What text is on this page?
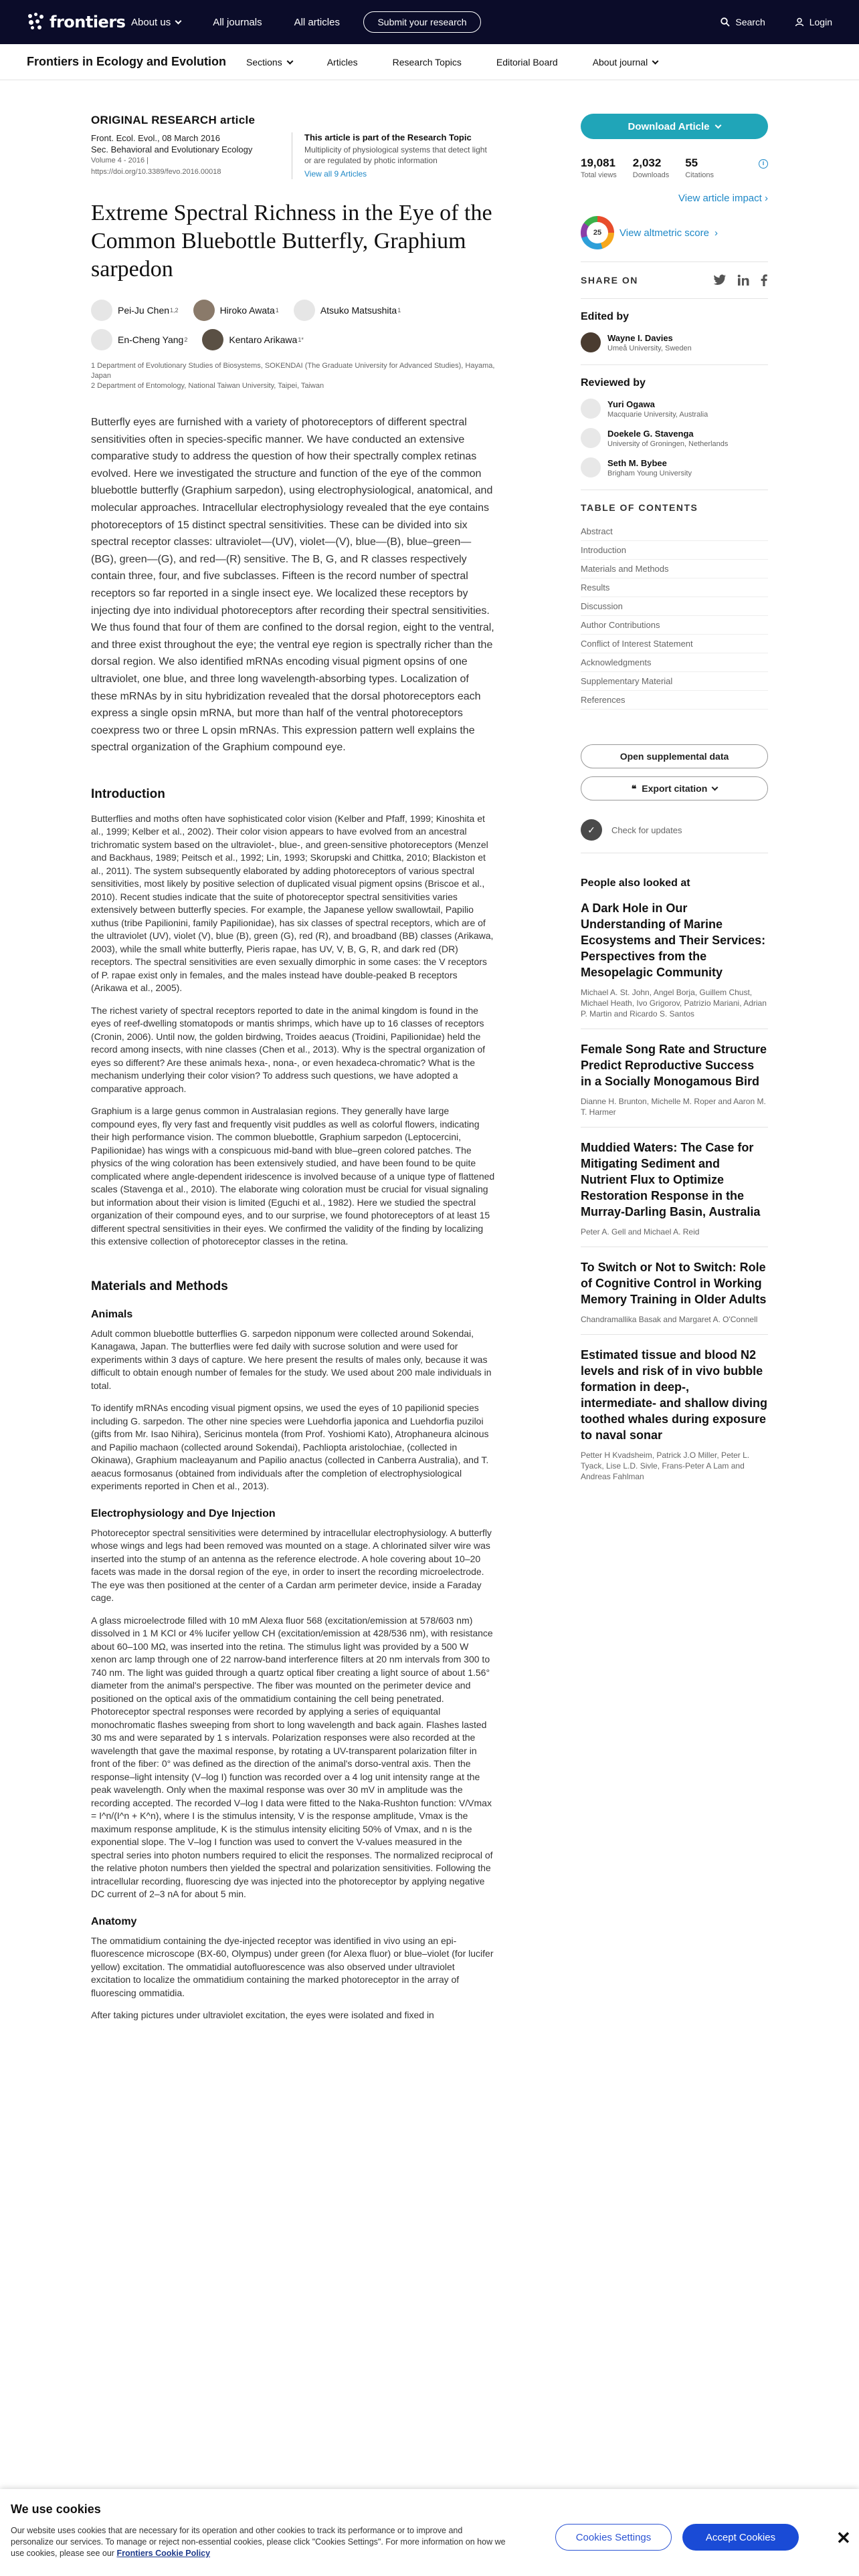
frontiers About us	All journals	All articles	Submit your research	Search	Login
Frontiers in Ecology and Evolution Sections	Articles	Research Topics	Editorial Board	About journal
ORIGINAL RESEARCH article
Front. Ecol. Evol., 08 March 2016
Sec. Behavioral and Evolutionary Ecology
Volume 4 - 2016 |
https://doi.org/10.3389/fevo.2016.00018
This article is part of the Research Topic
Multiplicity of physiological systems that detect light or are regulated by photic information
View all 9 Articles
Extreme Spectral Richness in the Eye of the Common Bluebottle Butterfly, Graphium sarpedon
Pei-Ju Chen 1,2	Hiroko Awata 1	Atsuko Matsushita 1
En-Cheng Yang 2	Kentaro Arikawa 1*
1 Department of Evolutionary Studies of Biosystems, SOKENDAI (The Graduate University for Advanced Studies), Hayama, Japan
2 Department of Entomology, National Taiwan University, Taipei, Taiwan
Butterfly eyes are furnished with a variety of photoreceptors of different spectral sensitivities often in species-specific manner. We have conducted an extensive comparative study to address the question of how their spectrally complex retinas evolved. Here we investigated the structure and function of the eye of the common bluebottle butterfly (Graphium sarpedon), using electrophysiological, anatomical, and molecular approaches. Intracellular electrophysiology revealed that the eye contains photoreceptors of 15 distinct spectral sensitivities. These can be divided into six spectral receptor classes: ultraviolet—(UV), violet—(V), blue—(B), blue–green—(BG), green—(G), and red—(R) sensitive. The B, G, and R classes respectively contain three, four, and five subclasses. Fifteen is the record number of spectral receptors so far reported in a single insect eye. We localized these receptors by injecting dye into individual photoreceptors after recording their spectral sensitivities. We thus found that four of them are confined to the dorsal region, eight to the ventral, and three exist throughout the eye; the ventral eye region is spectrally richer than the dorsal region. We also identified mRNAs encoding visual pigment opsins of one ultraviolet, one blue, and three long wavelength-absorbing types. Localization of these mRNAs by in situ hybridization revealed that the dorsal photoreceptors each express a single opsin mRNA, but more than half of the ventral photoreceptors coexpress two or three L opsin mRNAs. This expression pattern well explains the spectral organization of the Graphium compound eye.
Introduction
Butterflies and moths often have sophisticated color vision (Kelber and Pfaff, 1999; Kinoshita et al., 1999; Kelber et al., 2002). Their color vision appears to have evolved from an ancestral trichromatic system based on the ultraviolet-, blue-, and green-sensitive photoreceptors (Menzel and Backhaus, 1989; Peitsch et al., 1992; Lin, 1993; Skorupski and Chittka, 2010; Blackiston et al., 2011). The system subsequently elaborated by adding photoreceptors of various spectral sensitivities, most likely by positive selection of duplicated visual pigment opsins (Briscoe et al., 2010). Recent studies indicate that the suite of photoreceptor spectral sensitivities varies extensively between butterfly species. For example, the Japanese yellow swallowtail, Papilio xuthus (tribe Papilionini, family Papilionidae), has six classes of spectral receptors, which are of the ultraviolet (UV), violet (V), blue (B), green (G), red (R), and broadband (BB) classes (Arikawa, 2003), while the small white butterfly, Pieris rapae, has UV, V, B, G, R, and dark red (DR) receptors. The spectral sensitivities are even sexually dimorphic in some cases: the V receptors of P. rapae exist only in females, and the males instead have double-peaked B receptors (Arikawa et al., 2005).
The richest variety of spectral receptors reported to date in the animal kingdom is found in the eyes of reef-dwelling stomatopods or mantis shrimps, which have up to 16 classes of receptors (Cronin, 2006). Until now, the golden birdwing, Troides aeacus (Troidini, Papilionidae) held the record among insects, with nine classes (Chen et al., 2013). Why is the spectral organization of eyes so different? Are these animals hexa-, nona-, or even hexadeca-chromatic? What is the mechanism underlying their color vision? To address such questions, we have adopted a comparative approach.
Graphium is a large genus common in Australasian regions. They generally have large compound eyes, fly very fast and frequently visit puddles as well as colorful flowers, indicating their high performance vision. The common bluebottle, Graphium sarpedon (Leptocercini, Papilionidae) has wings with a conspicuous mid-band with blue–green colored patches. The physics of the wing coloration has been extensively studied, and have been found to be quite complicated where angle-dependent iridescence is involved because of a unique type of flattened scales (Stavenga et al., 2010). The elaborate wing coloration must be crucial for visual signaling but information about their vision is limited (Eguchi et al., 1982). Here we studied the spectral organization of their compound eyes, and to our surprise, we found photoreceptors of at least 15 different spectral sensitivities in their eyes. We confirmed the validity of the finding by localizing this extensive collection of photoreceptor classes in the retina.
Materials and Methods
Animals
Adult common bluebottle butterflies G. sarpedon nipponum were collected around Sokendai, Kanagawa, Japan. The butterflies were fed daily with sucrose solution and were used for experiments within 3 days of capture. We here present the results of males only, because it was difficult to obtain enough number of females for the study. We used about 200 male individuals in total.
To identify mRNAs encoding visual pigment opsins, we used the eyes of 10 papilionid species including G. sarpedon. The other nine species were Luehdorfia japonica and Luehdorfia puziloi (gifts from Mr. Isao Nihira), Sericinus montela (from Prof. Yoshiomi Kato), Atrophaneura alcinous and Papilio machaon (collected around Sokendai), Pachliopta aristolochiae, (collected in Okinawa), Graphium macleayanum and Papilio anactus (collected in Canberra Australia), and T. aeacus formosanus (obtained from individuals after the completion of electrophysiological experiments reported in Chen et al., 2013).
Electrophysiology and Dye Injection
Photoreceptor spectral sensitivities were determined by intracellular electrophysiology. A butterfly whose wings and legs had been removed was mounted on a stage. A chlorinated silver wire was inserted into the stump of an antenna as the reference electrode. A hole covering about 10–20 facets was made in the dorsal region of the eye, in order to insert the recording microelectrode. The eye was then positioned at the center of a Cardan arm perimeter device, inside a Faraday cage.
A glass microelectrode filled with 10 mM Alexa fluor 568 (excitation/emission at 578/603 nm) dissolved in 1 M KCl or 4% lucifer yellow CH (excitation/emission at 428/536 nm), with resistance about 60–100 MΩ, was inserted into the retina. The stimulus light was provided by a 500 W xenon arc lamp through one of 22 narrow-band interference filters at 20 nm intervals from 300 to 740 nm. The light was guided through a quartz optical fiber creating a light source of about 1.56° diameter from the animal's perspective. The fiber was mounted on the perimeter device and positioned on the optical axis of the ommatidium containing the cell being penetrated. Photoreceptor spectral responses were recorded by applying a series of equiquantal monochromatic flashes sweeping from short to long wavelength and back again. Flashes lasted 30 ms and were separated by 1 s intervals. Polarization responses were also recorded at the wavelength that gave the maximal response, by rotating a UV-transparent polarization filter in front of the fiber: 0° was defined as the direction of the animal's dorso-ventral axis. Then the response–light intensity (V–log I) function was recorded over a 4 log unit intensity range at the peak wavelength. Only when the maximal response was over 30 mV in amplitude was the recording accepted. The recorded V–log I data were fitted to the Naka-Rushton function: V/Vmax = I^n/(I^n + K^n), where I is the stimulus intensity, V is the response amplitude, Vmax is the maximum response amplitude, K is the stimulus intensity eliciting 50% of Vmax, and n is the exponential slope. The V–log I function was used to convert the V-values measured in the spectral series into photon numbers required to elicit the responses. The normalized reciprocal of the relative photon numbers then yielded the spectral and polarization sensitivities. Following the intracellular recording, fluorescing dye was injected into the photoreceptor by applying negative DC current of 2–3 nA for about 5 min.
Anatomy
The ommatidium containing the dye-injected receptor was identified in vivo using an epi-fluorescence microscope (BX-60, Olympus) under green (for Alexa fluor) or blue–violet (for lucifer yellow) excitation. The ommatidial autofluorescence was also observed under ultraviolet excitation to localize the ommatidium containing the marked photoreceptor in the array of fluorescing ommatidia.
After taking pictures under ultraviolet excitation, the eyes were isolated and fixed in
Download Article
19,081
Total views
2,032
Downloads
55
Citations
i
View article impact ›
25	View altmetric score ›
SHARE ON
Edited by
Wayne I. Davies
Umeå University, Sweden
Reviewed by
Yuri Ogawa
Macquarie University, Australia
Doekele G. Stavenga
University of Groningen, Netherlands
Seth M. Bybee
Brigham Young University
TABLE OF CONTENTS
Abstract
Introduction
Materials and Methods
Results
Discussion
Author Contributions
Conflict of Interest Statement
Acknowledgments
Supplementary Material
References
Open supplemental data
❝ Export citation
✓	Check for updates
People also looked at
A Dark Hole in Our Understanding of Marine Ecosystems and Their Services: Perspectives from the Mesopelagic Community
Michael A. St. John, Angel Borja, Guillem Chust, Michael Heath, Ivo Grigorov, Patrizio Mariani, Adrian P. Martin and Ricardo S. Santos
Female Song Rate and Structure Predict Reproductive Success in a Socially Monogamous Bird
Dianne H. Brunton, Michelle M. Roper and Aaron M. T. Harmer
Muddied Waters: The Case for Mitigating Sediment and Nutrient Flux to Optimize Restoration Response in the Murray-Darling Basin, Australia
Peter A. Gell and Michael A. Reid
To Switch or Not to Switch: Role of Cognitive Control in Working Memory Training in Older Adults
Chandramallika Basak and Margaret A. O'Connell
Estimated tissue and blood N2 levels and risk of in vivo bubble formation in deep-, intermediate- and shallow diving toothed whales during exposure to naval sonar
Petter H Kvadsheim, Patrick J.O Miller, Peter L. Tyack, Lise L.D. Sivle, Frans-Peter A Lam and Andreas Fahlman
We use cookies
Our website uses cookies that are necessary for its operation and other cookies to track its performance or to improve and personalize our services. To manage or reject non-essential cookies, please click "Cookies Settings". For more information on how we use cookies, please see our Frontiers Cookie Policy
Cookies Settings	Accept Cookies	✕
